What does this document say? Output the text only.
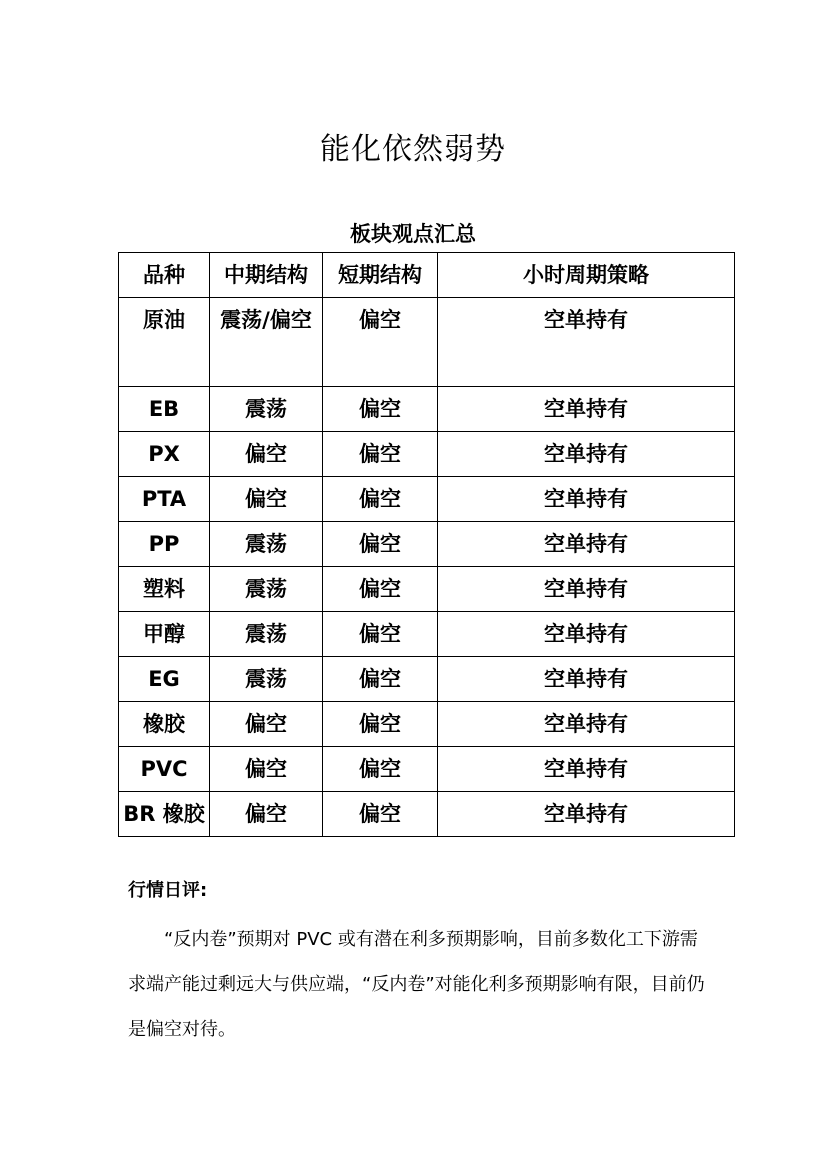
能化依然弱势
板块观点汇总
品种	中期结构	短期结构	小时周期策略
原油	震荡/偏空	偏空	空单持有
EB	震荡	偏空	空单持有
PX	偏空	偏空	空单持有
PTA	偏空	偏空	空单持有
PP	震荡	偏空	空单持有
塑料	震荡	偏空	空单持有
甲醇	震荡	偏空	空单持有
EG	震荡	偏空	空单持有
橡胶	偏空	偏空	空单持有
PVC	偏空	偏空	空单持有
BR 橡胶	偏空	偏空	空单持有
行情日评:

“反内卷”预期对 PVC 或有潜在利多预期影响，目前多数化工下游需求端产能过剩远大与供应端，“反内卷”对能化利多预期影响有限，目前仍是偏空对待。
